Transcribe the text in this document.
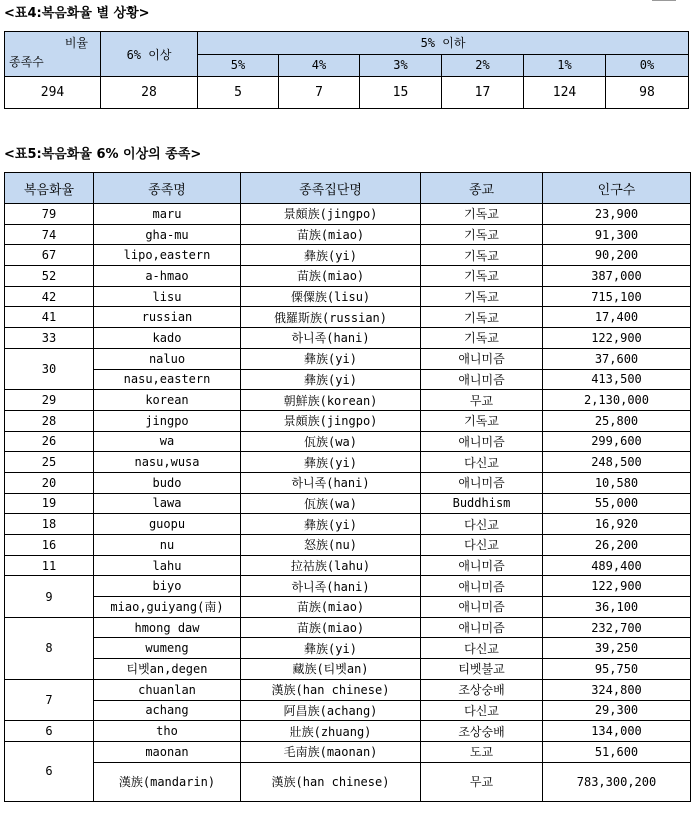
<표4:복음화율 별 상황>
비율
종족수	6% 이상	5% 이하					
		5%	4%	3%	2%	1%	0%
294	28	5	7	15	17	124	98
<표5:복음화율 6% 이상의 종족>
복음화율	종족명	종족집단명	종교	인구수
79	maru	景頗族(jingpo)	기독교	23,900
74	gha-mu	苗族(miao)	기독교	91,300
67	lipo,eastern	彝族(yi)	기독교	90,200
52	a-hmao	苗族(miao)	기독교	387,000
42	lisu	傈僳族(lisu)	기독교	715,100
41	russian	俄羅斯族(russian)	기독교	17,400
33	kado	하니족(hani)	기독교	122,900
30	naluo	彝族(yi)	애니미즘	37,600
	nasu,eastern	彝族(yi)	애니미즘	413,500
29	korean	朝鮮族(korean)	무교	2,130,000
28	jingpo	景頗族(jingpo)	기독교	25,800
26	wa	佤族(wa)	애니미즘	299,600
25	nasu,wusa	彝族(yi)	다신교	248,500
20	budo	하니족(hani)	애니미즘	10,580
19	lawa	佤族(wa)	Buddhism	55,000
18	guopu	彝族(yi)	다신교	16,920
16	nu	怒族(nu)	다신교	26,200
11	lahu	拉祜族(lahu)	애니미즘	489,400
9	biyo	하니족(hani)	애니미즘	122,900
	miao,guiyang(南)	苗族(miao)	애니미즘	36,100
8	hmong daw	苗族(miao)	애니미즘	232,700
	wumeng	彝族(yi)	다신교	39,250
	티벳an,degen	藏族(티벳an)	티벳불교	95,750
7	chuanlan	漢族(han chinese)	조상숭배	324,800
	achang	阿昌族(achang)	다신교	29,300
6	tho	壯族(zhuang)	조상숭배	134,000
6	maonan	毛南族(maonan)	도교	51,600
	漢族(mandarin)	漢族(han chinese)	무교	783,300,200
